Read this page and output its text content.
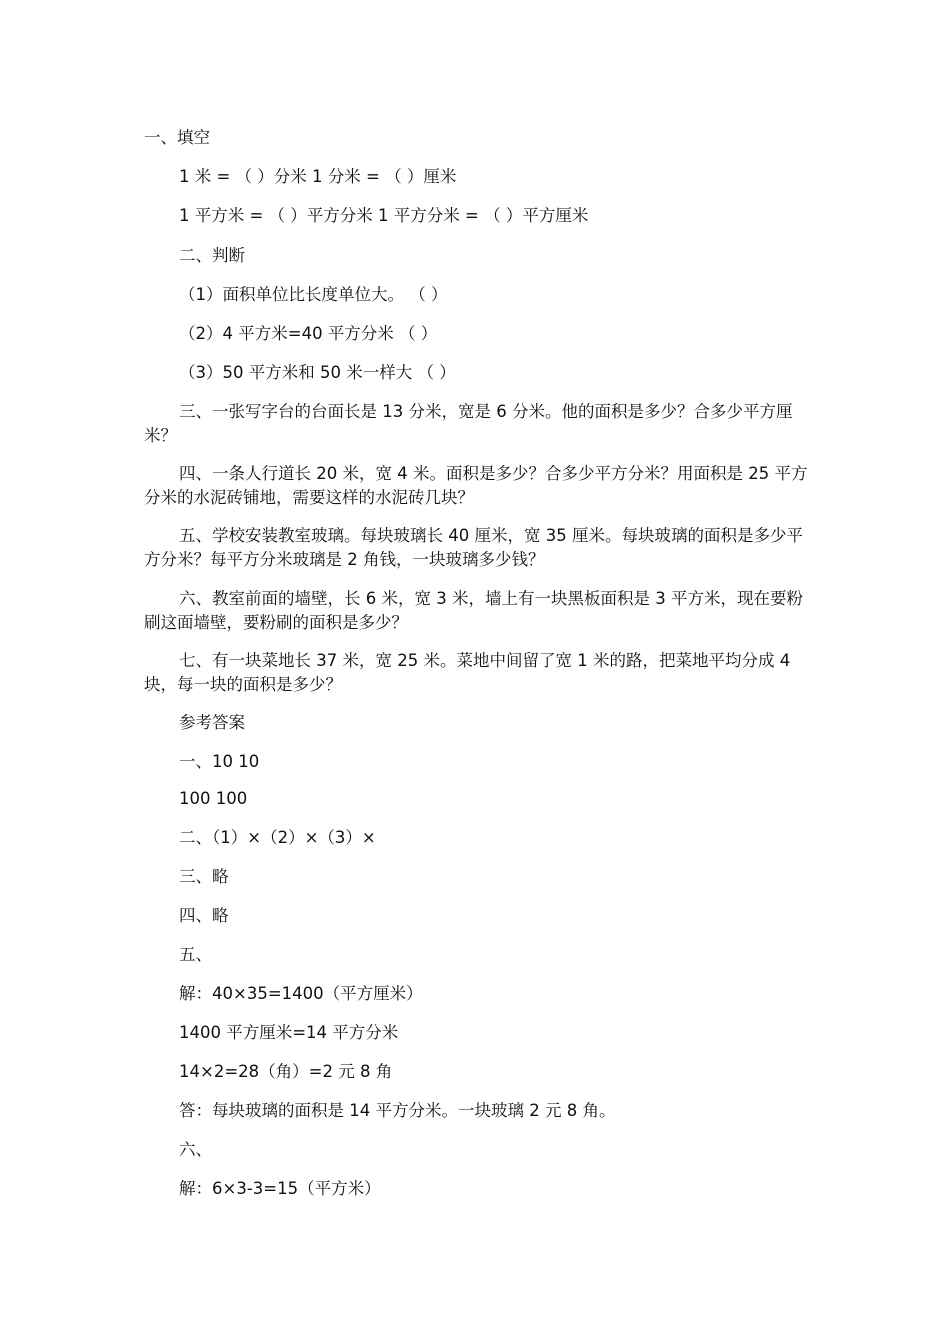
一、填空
1 米 = （ ）分米 1 分米 = （ ）厘米
1 平方米 = （ ）平方分米 1 平方分米 = （ ）平方厘米
二、判断
（1）面积单位比长度单位大。 （ ）
（2）4 平方米=40 平方分米 （ ）
（3）50 平方米和 50 米一样大 （ ）
三、一张写字台的台面长是 13 分米，宽是 6 分米。他的面积是多少？合多少平方厘米？
四、一条人行道长 20 米，宽 4 米。面积是多少？合多少平方分米？用面积是 25 平方分米的水泥砖铺地，需要这样的水泥砖几块？
五、学校安装教室玻璃。每块玻璃长 40 厘米，宽 35 厘米。每块玻璃的面积是多少平方分米？每平方分米玻璃是 2 角钱，一块玻璃多少钱？
六、教室前面的墙壁，长 6 米，宽 3 米，墙上有一块黑板面积是 3 平方米，现在要粉刷这面墙壁，要粉刷的面积是多少？
七、有一块菜地长 37 米，宽 25 米。菜地中间留了宽 1 米的路，把菜地平均分成 4 块，每一块的面积是多少？
参考答案
一、10 10
100 100
二、（1）×（2）×（3）×
三、略
四、略
五、
解：40×35=1400（平方厘米）
1400 平方厘米=14 平方分米
14×2=28（角）=2 元 8 角
答：每块玻璃的面积是 14 平方分米。一块玻璃 2 元 8 角。
六、
解：6×3-3=15（平方米）
